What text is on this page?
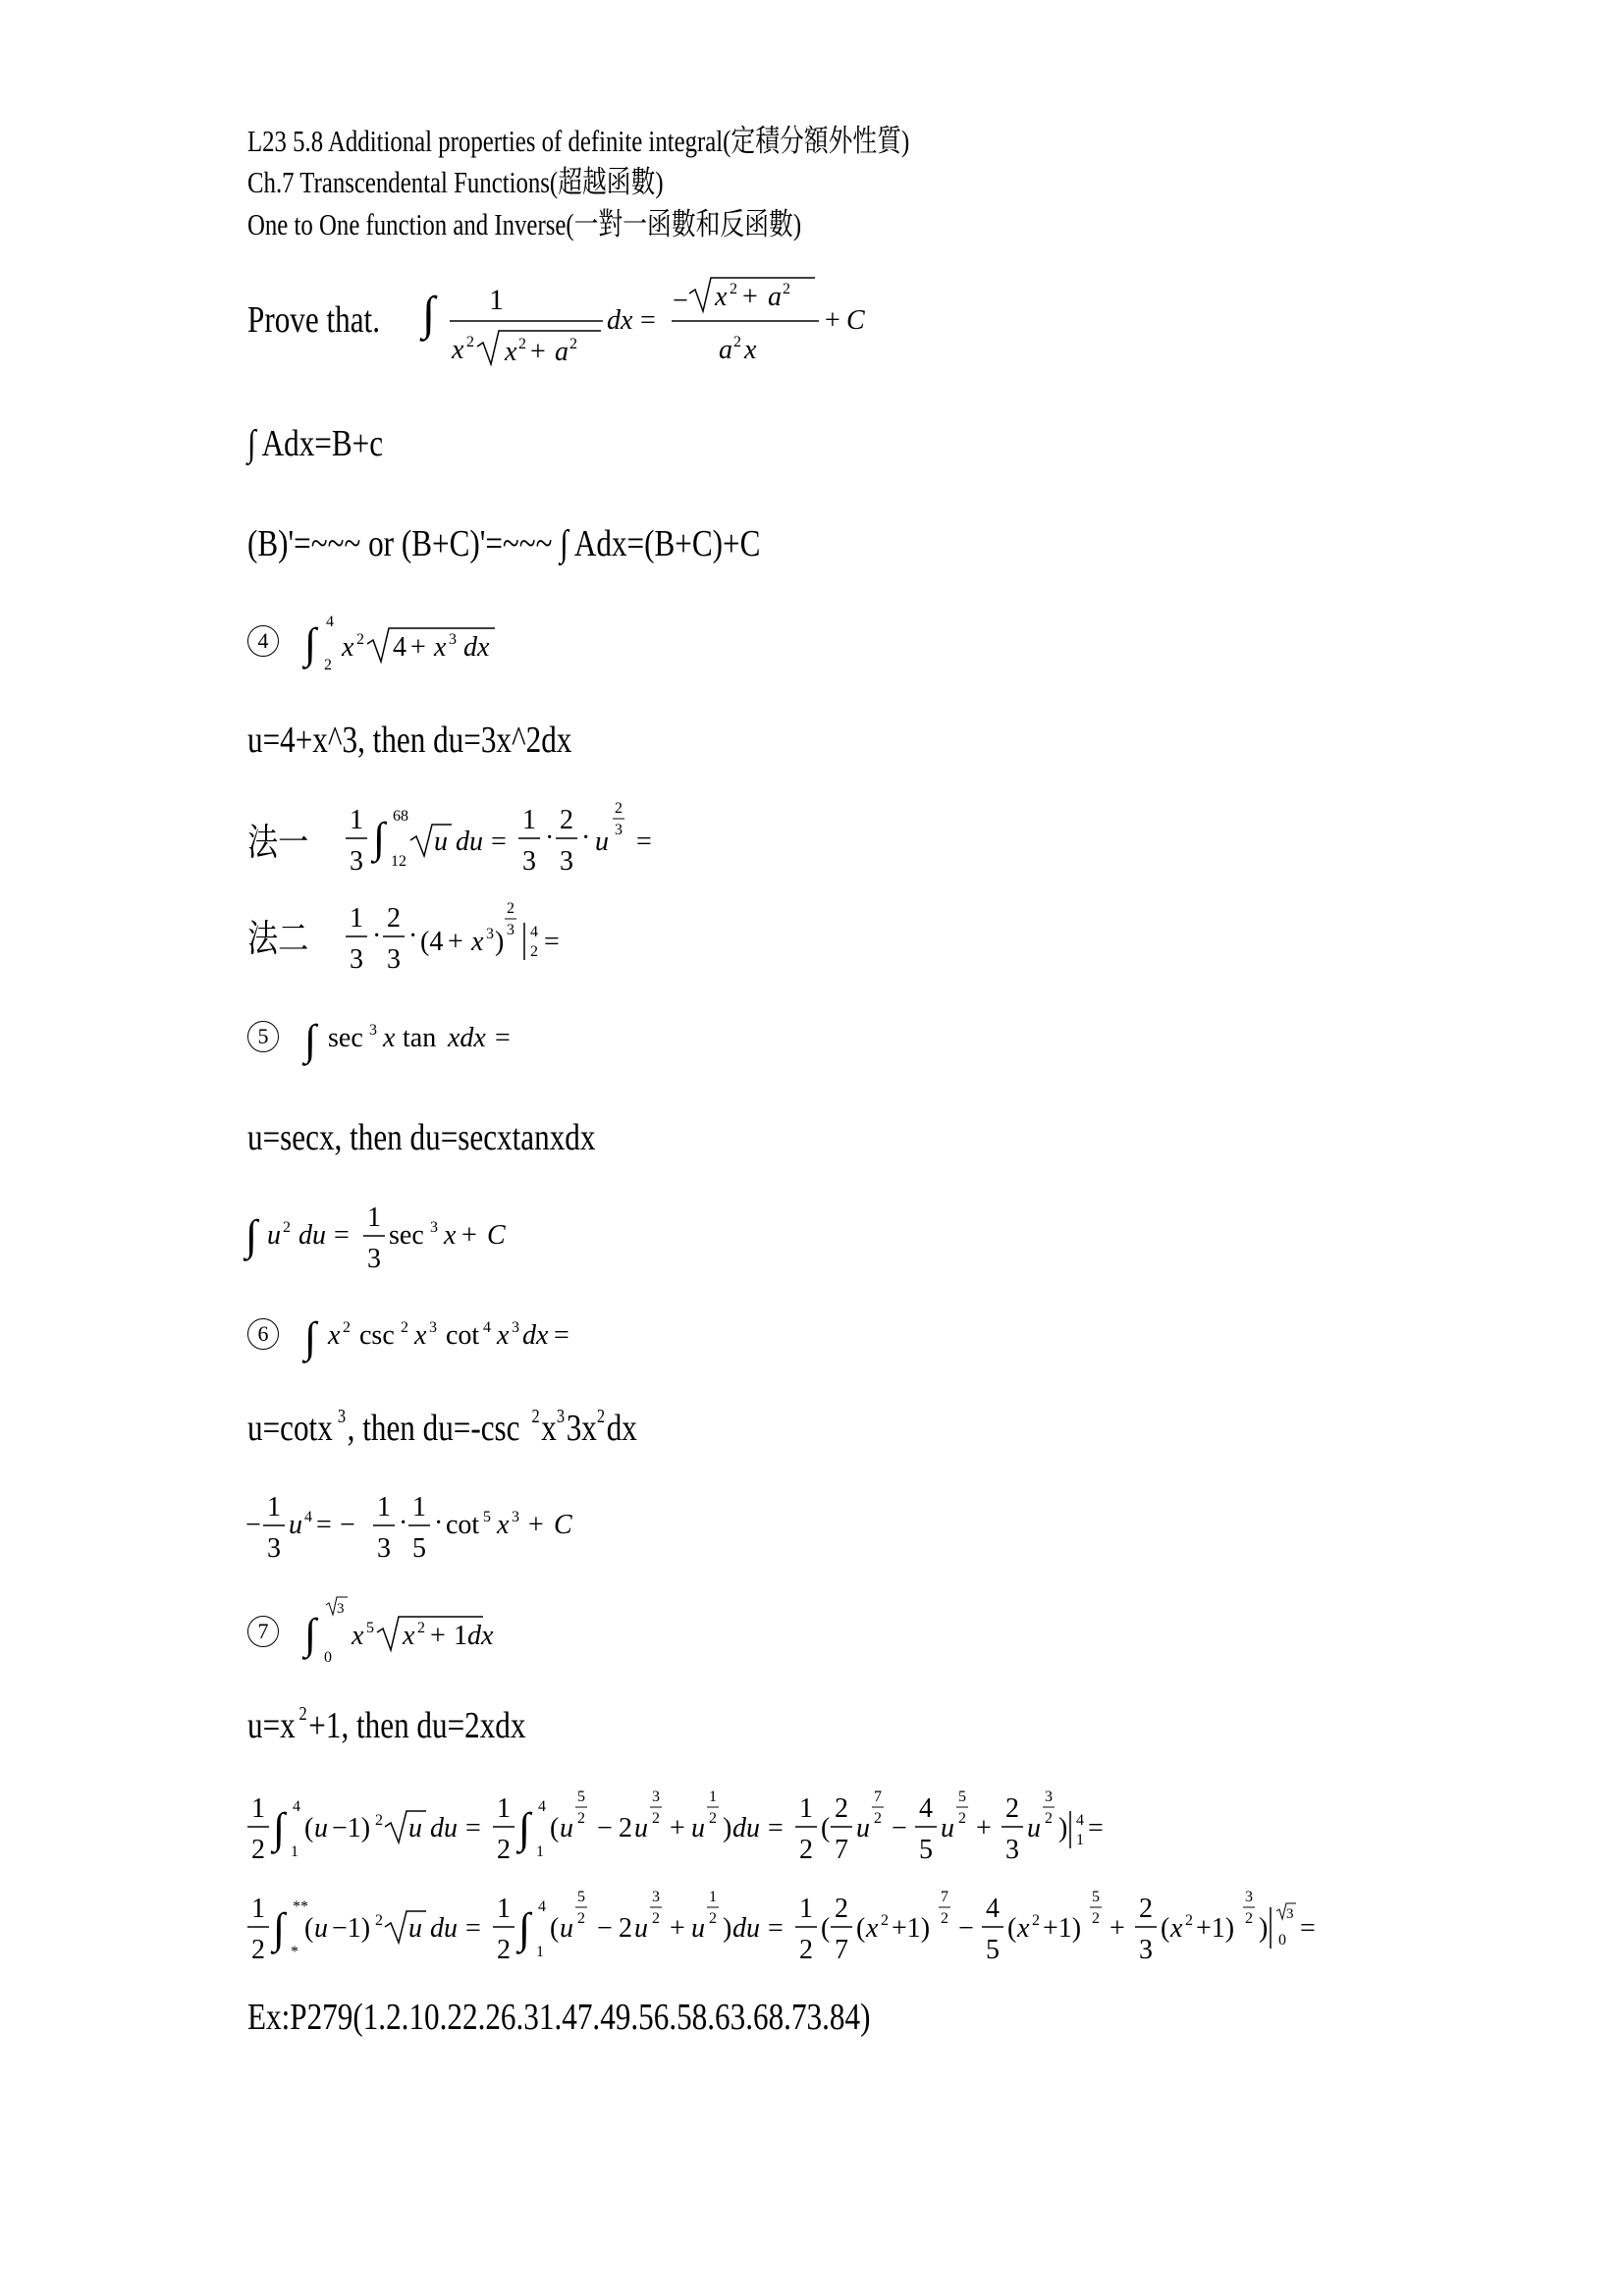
L23 5.8 Additional properties of definite integral(定積分額外性質)
Ch.7 Transcendental Functions(超越函數)
One to One function and Inverse(一對一函數和反函數)
Prove that. ∫ 1
x 2 x 2 + a 2
dx =
− x 2 + a 2
a 2 x
+ C
∫ Adx=B+c
(B)'=~~~ or (B+C)'=~~~ ∫ Adx=(B+C)+C
4 ∫ 4
2
x 2 4 + x 3 dx
u=4+x^3, then du=3x^2dx
法一
1
3 ∫ 68
12
u du =
1
3
·
2
3
· u
2
3 =
法二
1
3
·
2
3
· (4 + x 3 )
2
3 4
2 =
5 ∫ sec 3 x tan xdx =
u=secx, then du=secxtanxdx
∫ u 2 du =
1
3
sec 3 x + C
6 ∫ x 2 csc 2 x 3 cot 4 x 3 dx =
u=cotx 3 , then du=-csc 2 x 3 3x 2 dx
−
1
3
u 4 = −
1
3
·
1
5
· cot 5 x 3 + C
7 ∫
3
0
x 5 x 2 + 1 dx
u=x 2 +1, then du=2xdx
1
2 ∫ 4
1
( u −1) 2 u du =
1
2 ∫ 4
1
( u
5
2 − 2 u
3
2 + u
1
2 ) du =
1
2
(
2
7
u
7
2 −
4
5
u
5
2 +
2
3
u
3
2 ) 4
1 =
1
2 ∫ **
*
( u −1) 2 u du =
1
2 ∫ 4
1
( u
5
2 − 2 u
3
2 + u
1
2 ) du =
1
2
(
2
7
( x 2 +1)
7
2 −
4
5
( x 2 +1)
5
2 +
2
3
( x 2 +1)
3
2 ) 3
0 =
Ex:P279(1.2.10.22.26.31.47.49.56.58.63.68.73.84)
